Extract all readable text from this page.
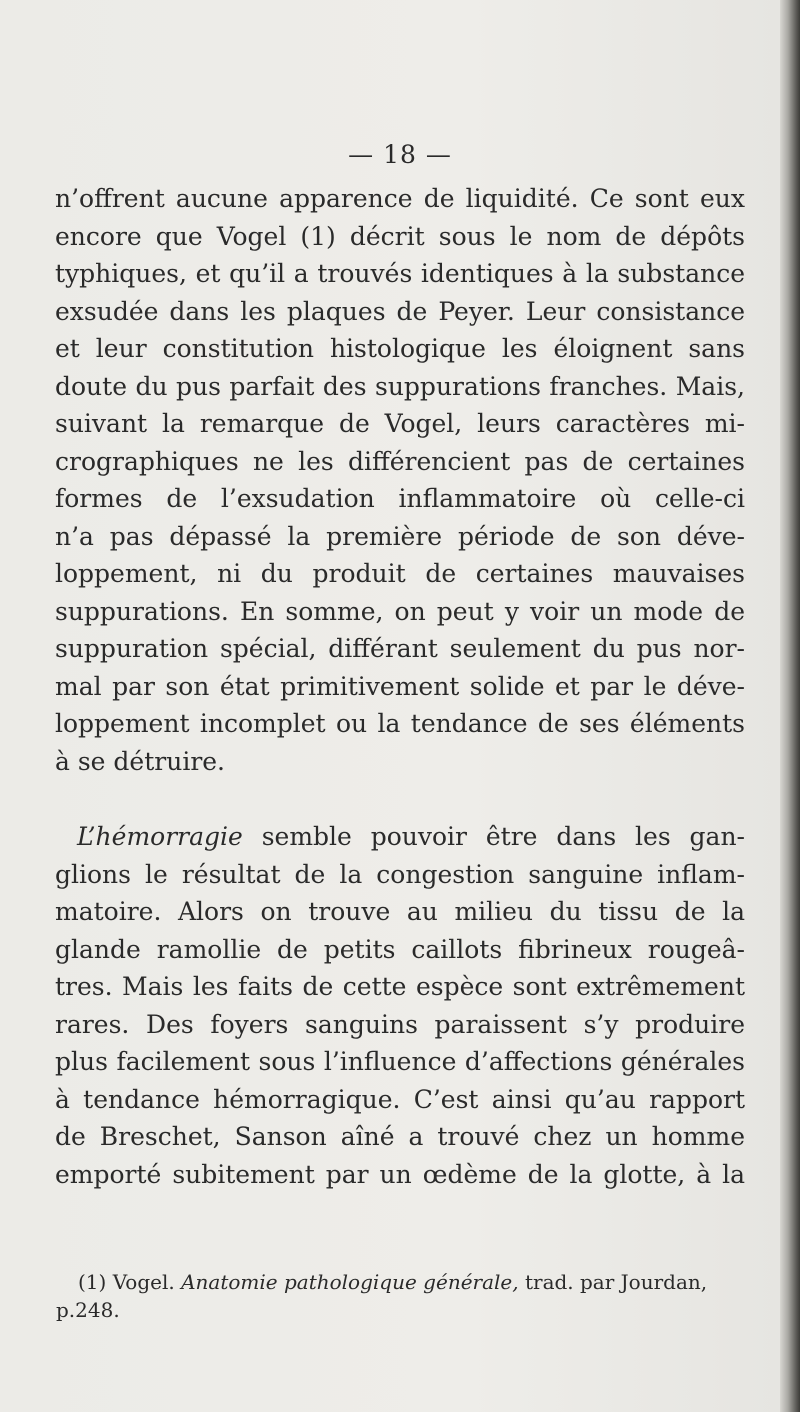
— 18 —
n’offrent aucune apparence de liquidité. Ce sont eux
encore que Vogel (1) décrit sous le nom de dépôts
typhiques, et qu’il a trouvés identiques à la substance
exsudée dans les plaques de Peyer. Leur consistance
et leur constitution histologique les éloignent sans
doute du pus parfait des suppurations franches. Mais,
suivant la remarque de Vogel, leurs caractères mi-
crographiques ne les différencient pas de certaines
formes de l’exsudation inflammatoire où celle-ci
n’a pas dépassé la première période de son déve-
loppement, ni du produit de certaines mauvaises
suppurations. En somme, on peut y voir un mode de
suppuration spécial, différant seulement du pus nor-
mal par son état primitivement solide et par le déve-
loppement incomplet ou la tendance de ses éléments
à se détruire.
L’hémorragie semble pouvoir être dans les gan-
glions le résultat de la congestion sanguine inflam-
matoire. Alors on trouve au milieu du tissu de la
glande ramollie de petits caillots fibrineux rougeâ-
tres. Mais les faits de cette espèce sont extrêmement
rares. Des foyers sanguins paraissent s’y produire
plus facilement sous l’influence d’affections générales
à tendance hémorragique. C’est ainsi qu’au rapport
de Breschet, Sanson aîné a trouvé chez un homme
emporté subitement par un œdème de la glotte, à la
(1) Vogel. Anatomie pathologique générale, trad. par Jourdan,
p.248.
